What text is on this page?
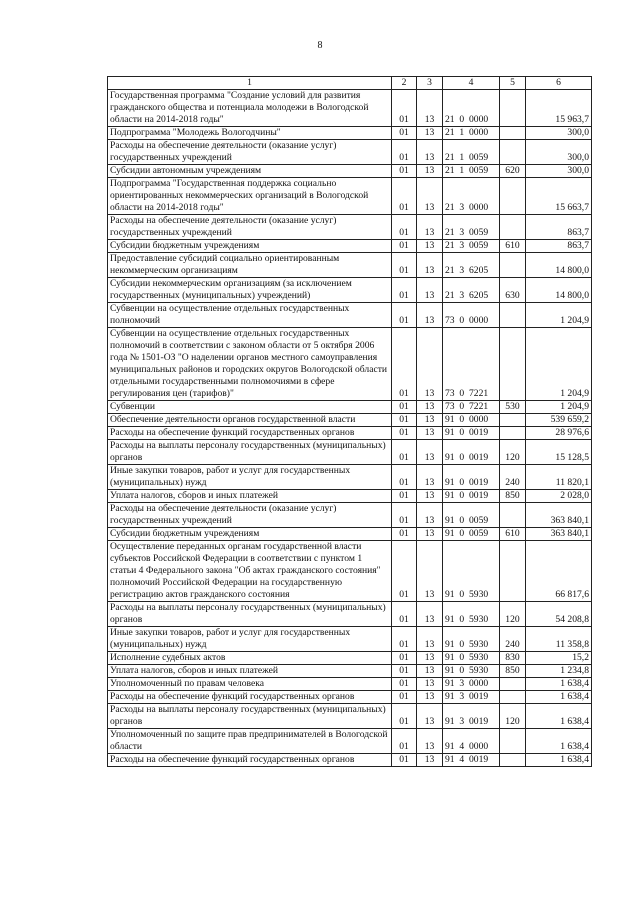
8
1	2	3	4	5	6
Государственная программа "Создание условий для развития гражданского общества и потенциала молодежи в Вологодской области на 2014-2018 годы"	01	13	21  0  0000		15 963,7
Подпрограмма "Молодежь Вологодчины"	01	13	21  1  0000		300,0
Расходы на обеспечение деятельности (оказание услуг) государственных учреждений	01	13	21  1  0059		300,0
Субсидии автономным учреждениям	01	13	21  1  0059	620	300,0
Подпрограмма "Государственная поддержка социально ориентированных некоммерческих организаций в Вологодской области на 2014-2018 годы"	01	13	21  3  0000		15 663,7
Расходы на обеспечение деятельности (оказание услуг) государственных учреждений	01	13	21  3  0059		863,7
Субсидии бюджетным учреждениям	01	13	21  3  0059	610	863,7
Предоставление субсидий социально ориентированным некоммерческим организациям	01	13	21  3  6205		14 800,0
Субсидии некоммерческим организациям (за исключением государственных (муниципальных) учреждений)	01	13	21  3  6205	630	14 800,0
Субвенции на осуществление отдельных государственных полномочий	01	13	73  0  0000		1 204,9
Субвенции на осуществление отдельных государственных полномочий в соответствии с законом области от 5 октября 2006 года № 1501-ОЗ "О наделении органов местного самоуправления муниципальных районов и городских округов Вологодской области отдельными государственными полномочиями в сфере регулирования цен (тарифов)"	01	13	73  0  7221		1 204,9
Субвенции	01	13	73  0  7221	530	1 204,9
Обеспечение деятельности органов государственной власти	01	13	91  0  0000		539 659,2
Расходы на обеспечение функций государственных органов	01	13	91  0  0019		28 976,6
Расходы на выплаты персоналу государственных (муниципальных) органов	01	13	91  0  0019	120	15 128,5
Иные закупки товаров, работ и услуг для государственных (муниципальных) нужд	01	13	91  0  0019	240	11 820,1
Уплата налогов, сборов и иных платежей	01	13	91  0  0019	850	2 028,0
Расходы на обеспечение деятельности (оказание услуг) государственных учреждений	01	13	91  0  0059		363 840,1
Субсидии бюджетным учреждениям	01	13	91  0  0059	610	363 840,1
Осуществление переданных органам государственной власти субъектов Российской Федерации в соответствии с пунктом 1 статьи 4 Федерального закона "Об актах гражданского состояния" полномочий Российской Федерации на государственную регистрацию актов гражданского состояния	01	13	91  0  5930		66 817,6
Расходы на выплаты персоналу государственных (муниципальных) органов	01	13	91  0  5930	120	54 208,8
Иные закупки товаров, работ и услуг для государственных (муниципальных) нужд	01	13	91  0  5930	240	11 358,8
Исполнение судебных актов	01	13	91  0  5930	830	15,2
Уплата налогов, сборов и иных платежей	01	13	91  0  5930	850	1 234,8
Уполномоченный по правам человека	01	13	91  3  0000		1 638,4
Расходы на обеспечение функций государственных органов	01	13	91  3  0019		1 638,4
Расходы на выплаты персоналу государственных (муниципальных) органов	01	13	91  3  0019	120	1 638,4
Уполномоченный по защите прав предпринимателей в Вологодской области	01	13	91  4  0000		1 638,4
Расходы на обеспечение функций государственных органов	01	13	91  4  0019		1 638,4
